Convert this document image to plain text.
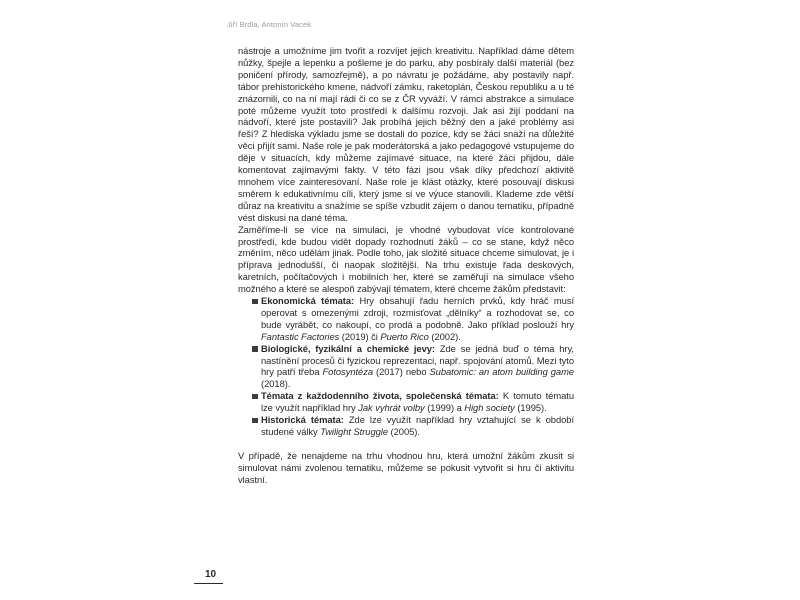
Jiří Brdla, Antonín Vacek

nástroje a umožníme jim tvořit a rozvíjet jejich kreativitu. Například dáme dětem nůžky, špejle a lepenku a pošleme je do parku, aby posbíraly další materiál (bez poničení přírody, samozřejmě), a po návratu je požádáme, aby postavily např. tábor prehistorického kmene, nádvoří zámku, raketoplán, Českou republiku a u té znázornili, co na ní mají rádi či co se z ČR vyváží. V rámci abstrakce a simulace poté můžeme využít toto prostředí k dalšímu rozvoji. Jak asi žijí poddaní na nádvoří, které jste postavili? Jak probíhá jejich běžný den a jaké problémy asi řeší? Z hlediska výkladu jsme se dostali do pozice, kdy se žáci snaží na důležité věci přijít sami. Naše role je pak moderátorská a jako pedagogové vstupujeme do děje v situacích, kdy můžeme zajímavé situace, na které žáci přijdou, dále komentovat zajímavými fakty. V této fázi jsou však díky předchozí aktivitě mnohem více zainteresovaní. Naše role je klást otázky, které posouvají diskusi směrem k edukativnímu cíli, který jsme si ve výuce stanovili. Klademe zde větší důraz na kreativitu a snažíme se spíše vzbudit zájem o danou tematiku, případně vést diskusi na dané téma.

Zaměříme-li se více na simulaci, je vhodné vybudovat více kontrolované prostředí, kde budou vidět dopady rozhodnutí žáků – co se stane, když něco změním, něco udělám jinak. Podle toho, jak složité situace chceme simulovat, je i příprava jednodušší, či naopak složitější. Na trhu existuje řada deskových, karetních, počítačových i mobilních her, které se zaměřují na simulace všeho možného a které se alespoň zabývají tématem, které chceme žákům představit:

Ekonomická témata: Hry obsahují řadu herních prvků, kdy hráč musí operovat s omezenými zdroji, rozmisťovat „dělníky“ a rozhodovat se, co bude vyrábět, co nakoupí, co prodá a podobně. Jako příklad poslouží hry Fantastic Factories (2019) či Puerto Rico (2002).
Biologické, fyzikální a chemické jevy: Zde se jedná buď o téma hry, nastínění procesů či fyzickou reprezentaci, např. spojování atomů. Mezi tyto hry patří třeba Fotosyntéza (2017) nebo Subatomic: an atom building game (2018).
Témata z každodenního života, společenská témata: K tomuto tématu lze využít například hry Jak vyhrát volby (1999) a High society (1995).
Historická témata: Zde lze využít například hry vztahující se k období studené války Twilight Struggle (2005).

V případě, že nenajdeme na trhu vhodnou hru, která umožní žákům zkusit si simulovat námi zvolenou tematiku, můžeme se pokusit vytvořit si hru či aktivitu vlastní.

10
